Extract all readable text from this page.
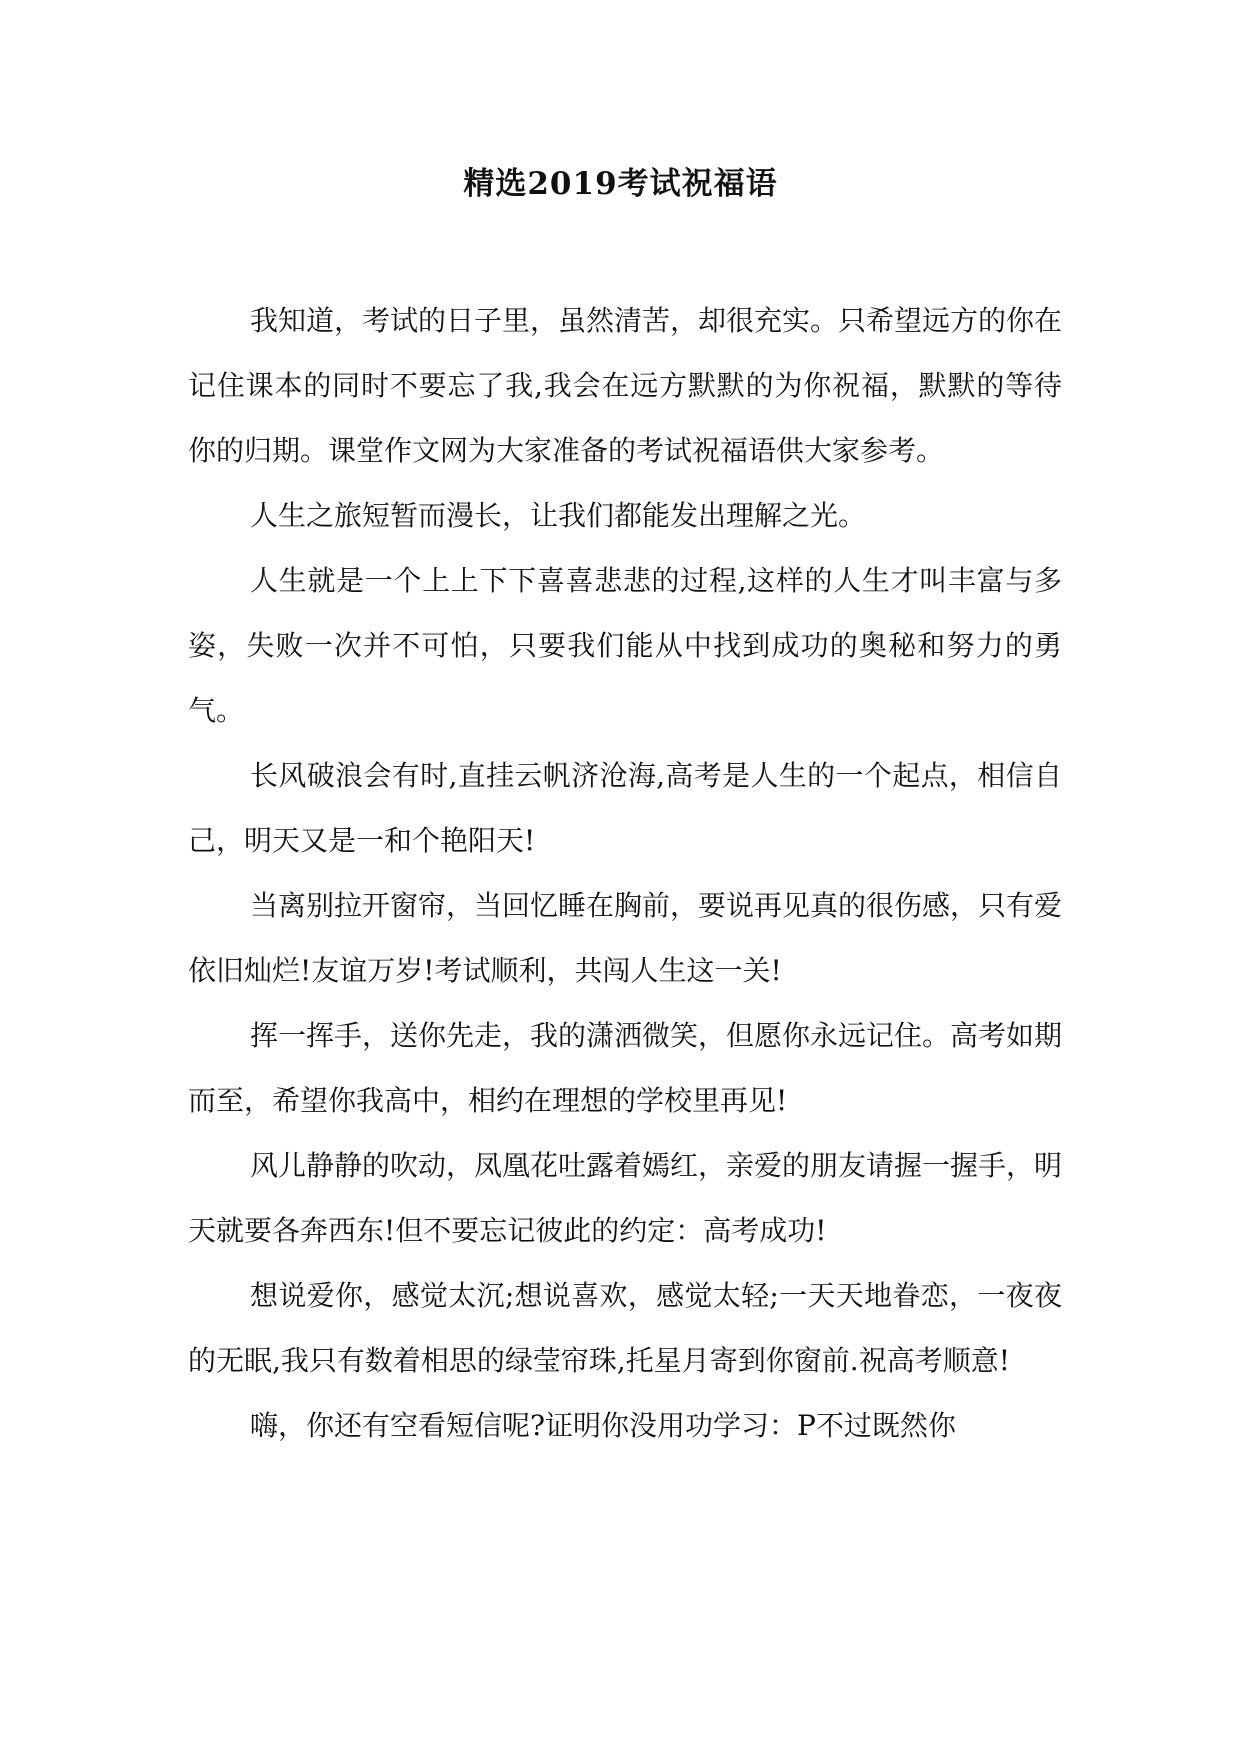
精选2019考试祝福语

我知道，考试的日子里，虽然清苦，却很充实。只希望远方的你在记住课本的同时不要忘了我,我会在远方默默的为你祝福，默默的等待你的归期。课堂作文网为大家准备的考试祝福语供大家参考。

人生之旅短暂而漫长，让我们都能发出理解之光。

人生就是一个上上下下喜喜悲悲的过程,这样的人生才叫丰富与多姿，失败一次并不可怕，只要我们能从中找到成功的奥秘和努力的勇气。

长风破浪会有时,直挂云帆济沧海,高考是人生的一个起点，相信自己，明天又是一和个艳阳天!

当离别拉开窗帘，当回忆睡在胸前，要说再见真的很伤感，只有爱依旧灿烂!友谊万岁!考试顺利，共闯人生这一关!

挥一挥手，送你先走，我的潇洒微笑，但愿你永远记住。高考如期而至，希望你我高中，相约在理想的学校里再见!

风儿静静的吹动，凤凰花吐露着嫣红，亲爱的朋友请握一握手，明天就要各奔西东!但不要忘记彼此的约定：高考成功!

想说爱你，感觉太沉;想说喜欢，感觉太轻;一天天地眷恋，一夜夜的无眠,我只有数着相思的绿莹帘珠,托星月寄到你窗前.祝高考顺意!

嗨，你还有空看短信呢?证明你没用功学习：P不过既然你
